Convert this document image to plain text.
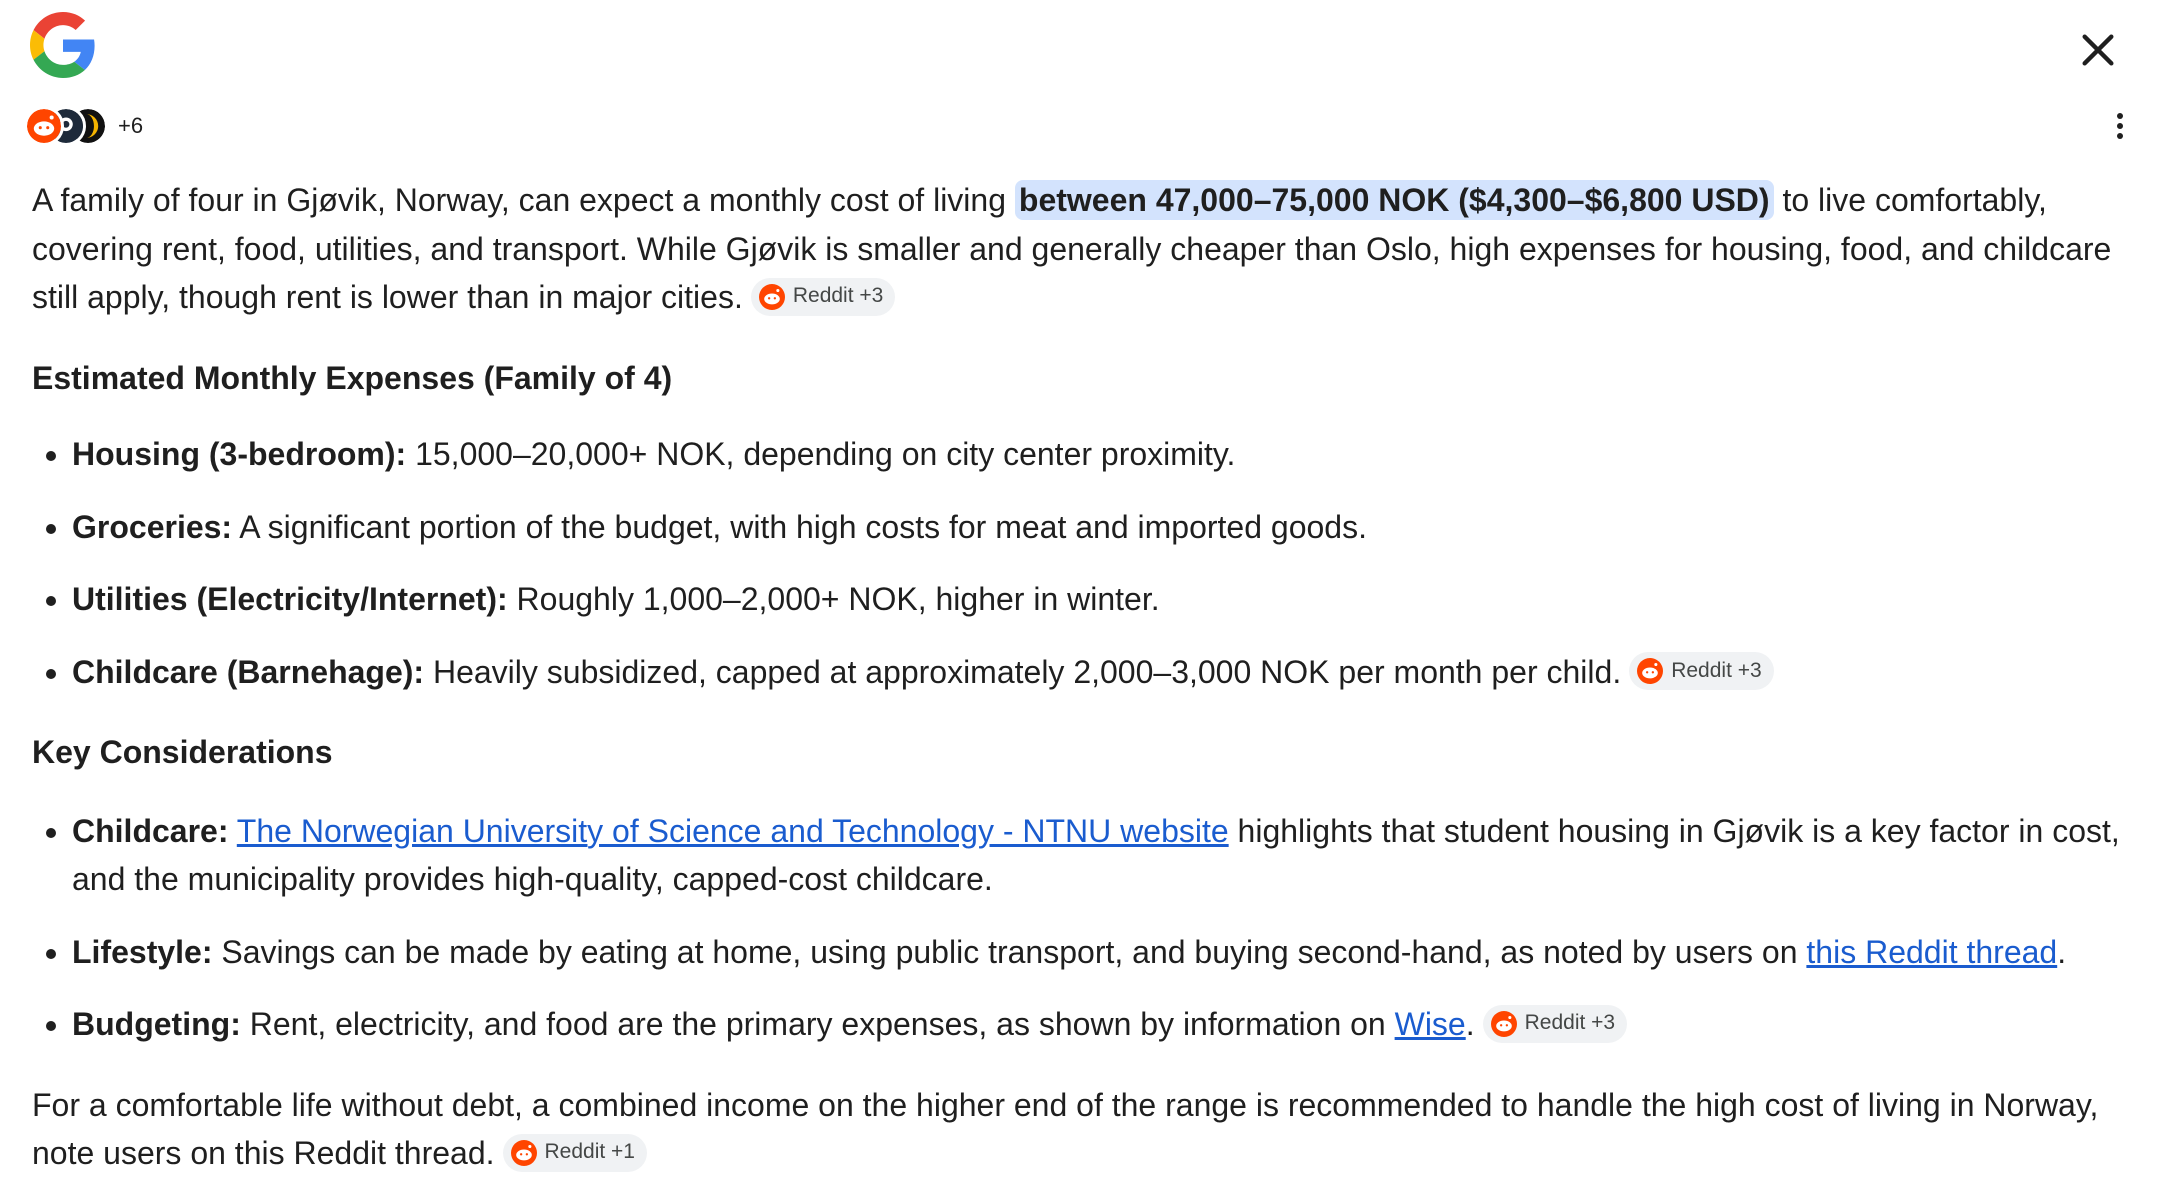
+6

A family of four in Gjøvik, Norway, can expect a monthly cost of living between 47,000–75,000 NOK ($4,300–$6,800 USD) to live comfortably, covering rent, food, utilities, and transport. While Gjøvik is smaller and generally cheaper than Oslo, high expenses for housing, food, and childcare still apply, though rent is lower than in major cities. Reddit +3

Estimated Monthly Expenses (Family of 4)
• Housing (3-bedroom): 15,000–20,000+ NOK, depending on city center proximity.
• Groceries: A significant portion of the budget, with high costs for meat and imported goods.
• Utilities (Electricity/Internet): Roughly 1,000–2,000+ NOK, higher in winter.
• Childcare (Barnehage): Heavily subsidized, capped at approximately 2,000–3,000 NOK per month per child. Reddit +3
Key Considerations
• Childcare: The Norwegian University of Science and Technology - NTNU website highlights that student housing in Gjøvik is a key factor in cost, and the municipality provides high-quality, capped-cost childcare.
• Lifestyle: Savings can be made by eating at home, using public transport, and buying second-hand, as noted by users on this Reddit thread.
• Budgeting: Rent, electricity, and food are the primary expenses, as shown by information on Wise. Reddit +3

For a comfortable life without debt, a combined income on the higher end of the range is recommended to handle the high cost of living in Norway, note users on this Reddit thread. Reddit +1
